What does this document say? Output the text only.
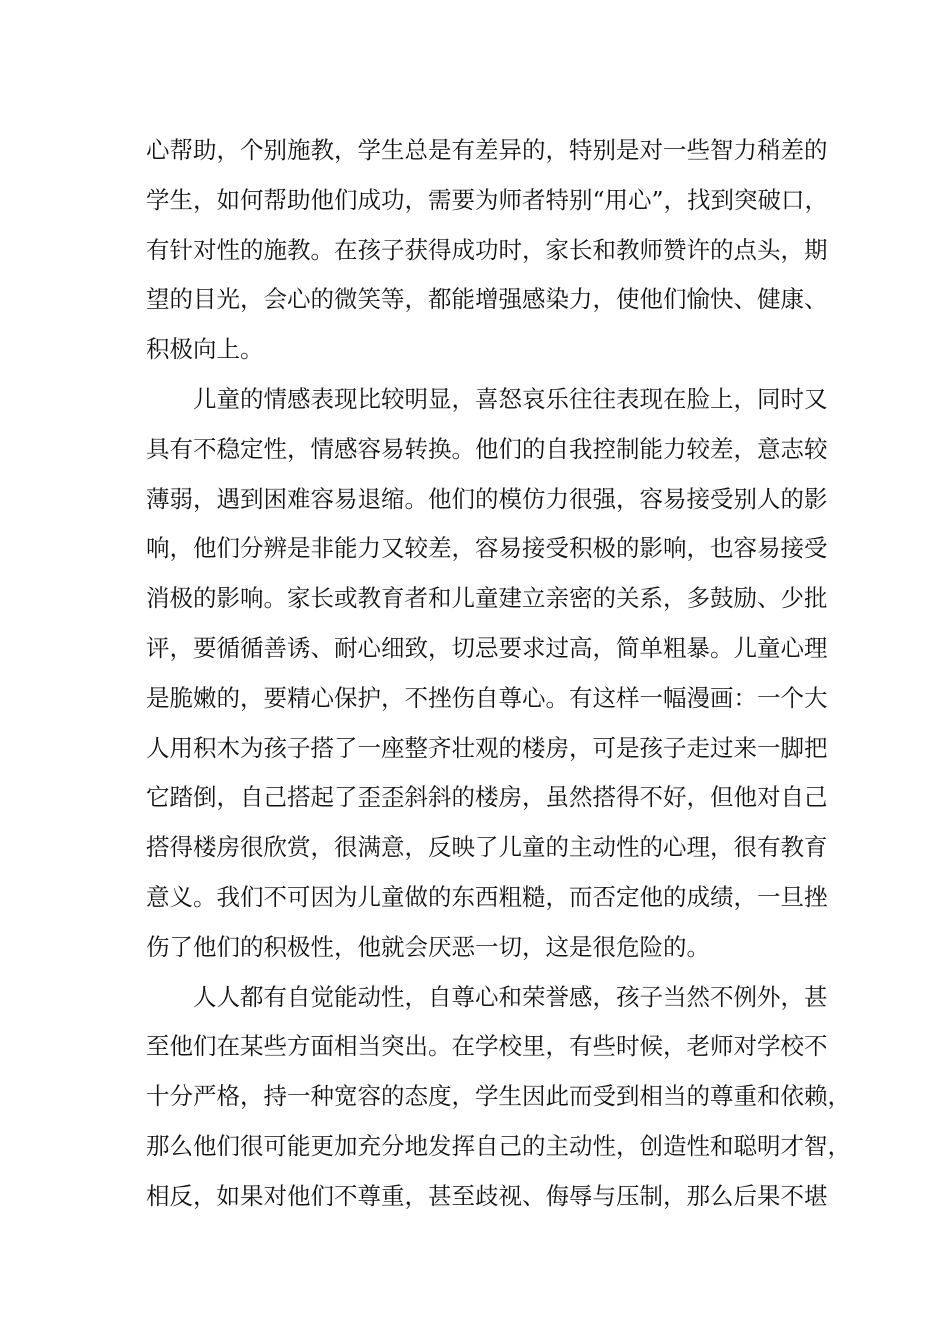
心帮助，个别施教，学生总是有差异的，特别是对一些智力稍差的
学生，如何帮助他们成功，需要为师者特别“用心”，找到突破口，
有针对性的施教。在孩子获得成功时，家长和教师赞许的点头，期
望的目光，会心的微笑等，都能增强感染力，使他们愉快、健康、
积极向上。
儿童的情感表现比较明显，喜怒哀乐往往表现在脸上，同时又
具有不稳定性，情感容易转换。他们的自我控制能力较差，意志较
薄弱，遇到困难容易退缩。他们的模仿力很强，容易接受别人的影
响，他们分辨是非能力又较差，容易接受积极的影响，也容易接受
消极的影响。家长或教育者和儿童建立亲密的关系，多鼓励、少批
评，要循循善诱、耐心细致，切忌要求过高，简单粗暴。儿童心理
是脆嫩的，要精心保护，不挫伤自尊心。有这样一幅漫画：一个大
人用积木为孩子搭了一座整齐壮观的楼房，可是孩子走过来一脚把
它踏倒，自己搭起了歪歪斜斜的楼房，虽然搭得不好，但他对自己
搭得楼房很欣赏，很满意，反映了儿童的主动性的心理，很有教育
意义。我们不可因为儿童做的东西粗糙，而否定他的成绩，一旦挫
伤了他们的积极性，他就会厌恶一切，这是很危险的。
人人都有自觉能动性，自尊心和荣誉感，孩子当然不例外，甚
至他们在某些方面相当突出。在学校里，有些时候，老师对学校不
十分严格，持一种宽容的态度，学生因此而受到相当的尊重和依赖，
那么他们很可能更加充分地发挥自己的主动性，创造性和聪明才智，
相反，如果对他们不尊重，甚至歧视、侮辱与压制，那么后果不堪
